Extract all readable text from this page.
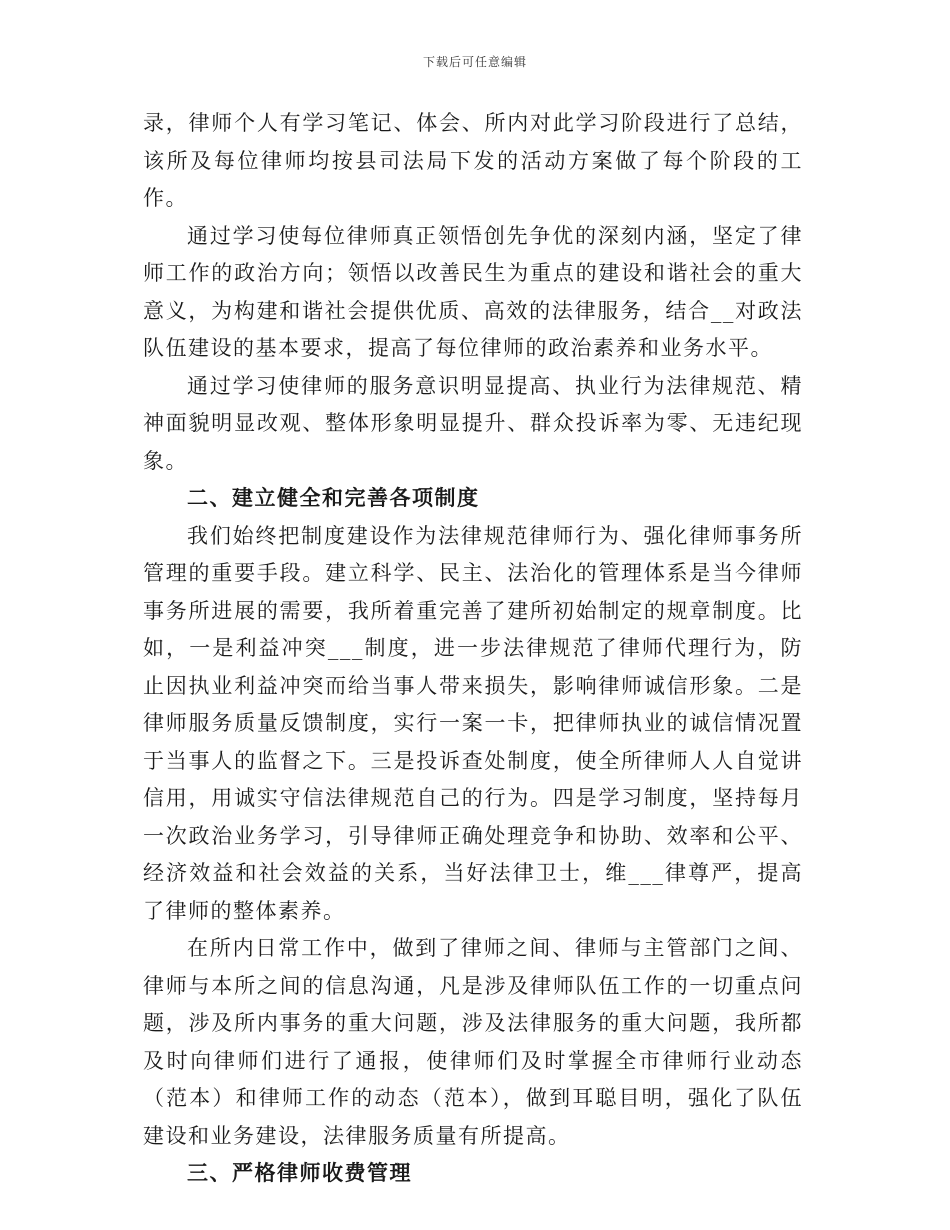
下载后可任意编辑

录，律师个人有学习笔记、体会、所内对此学习阶段进行了总结，该所及每位律师均按县司法局下发的活动方案做了每个阶段的工作。

通过学习使每位律师真正领悟创先争优的深刻内涵，坚定了律师工作的政治方向；领悟以改善民生为重点的建设和谐社会的重大意义，为构建和谐社会提供优质、高效的法律服务，结合__对政法队伍建设的基本要求，提高了每位律师的政治素养和业务水平。

通过学习使律师的服务意识明显提高、执业行为法律规范、精神面貌明显改观、整体形象明显提升、群众投诉率为零、无违纪现象。

二、建立健全和完善各项制度

我们始终把制度建设作为法律规范律师行为、强化律师事务所管理的重要手段。建立科学、民主、法治化的管理体系是当今律师事务所进展的需要，我所着重完善了建所初始制定的规章制度。比如，一是利益冲突___制度，进一步法律规范了律师代理行为，防止因执业利益冲突而给当事人带来损失，影响律师诚信形象。二是律师服务质量反馈制度，实行一案一卡，把律师执业的诚信情况置于当事人的监督之下。三是投诉查处制度，使全所律师人人自觉讲信用，用诚实守信法律规范自己的行为。四是学习制度，坚持每月一次政治业务学习，引导律师正确处理竞争和协助、效率和公平、经济效益和社会效益的关系，当好法律卫士，维___律尊严，提高了律师的整体素养。

在所内日常工作中，做到了律师之间、律师与主管部门之间、律师与本所之间的信息沟通，凡是涉及律师队伍工作的一切重点问题，涉及所内事务的重大问题，涉及法律服务的重大问题，我所都及时向律师们进行了通报，使律师们及时掌握全市律师行业动态（范本）和律师工作的动态（范本），做到耳聪目明，强化了队伍建设和业务建设，法律服务质量有所提高。

三、严格律师收费管理
